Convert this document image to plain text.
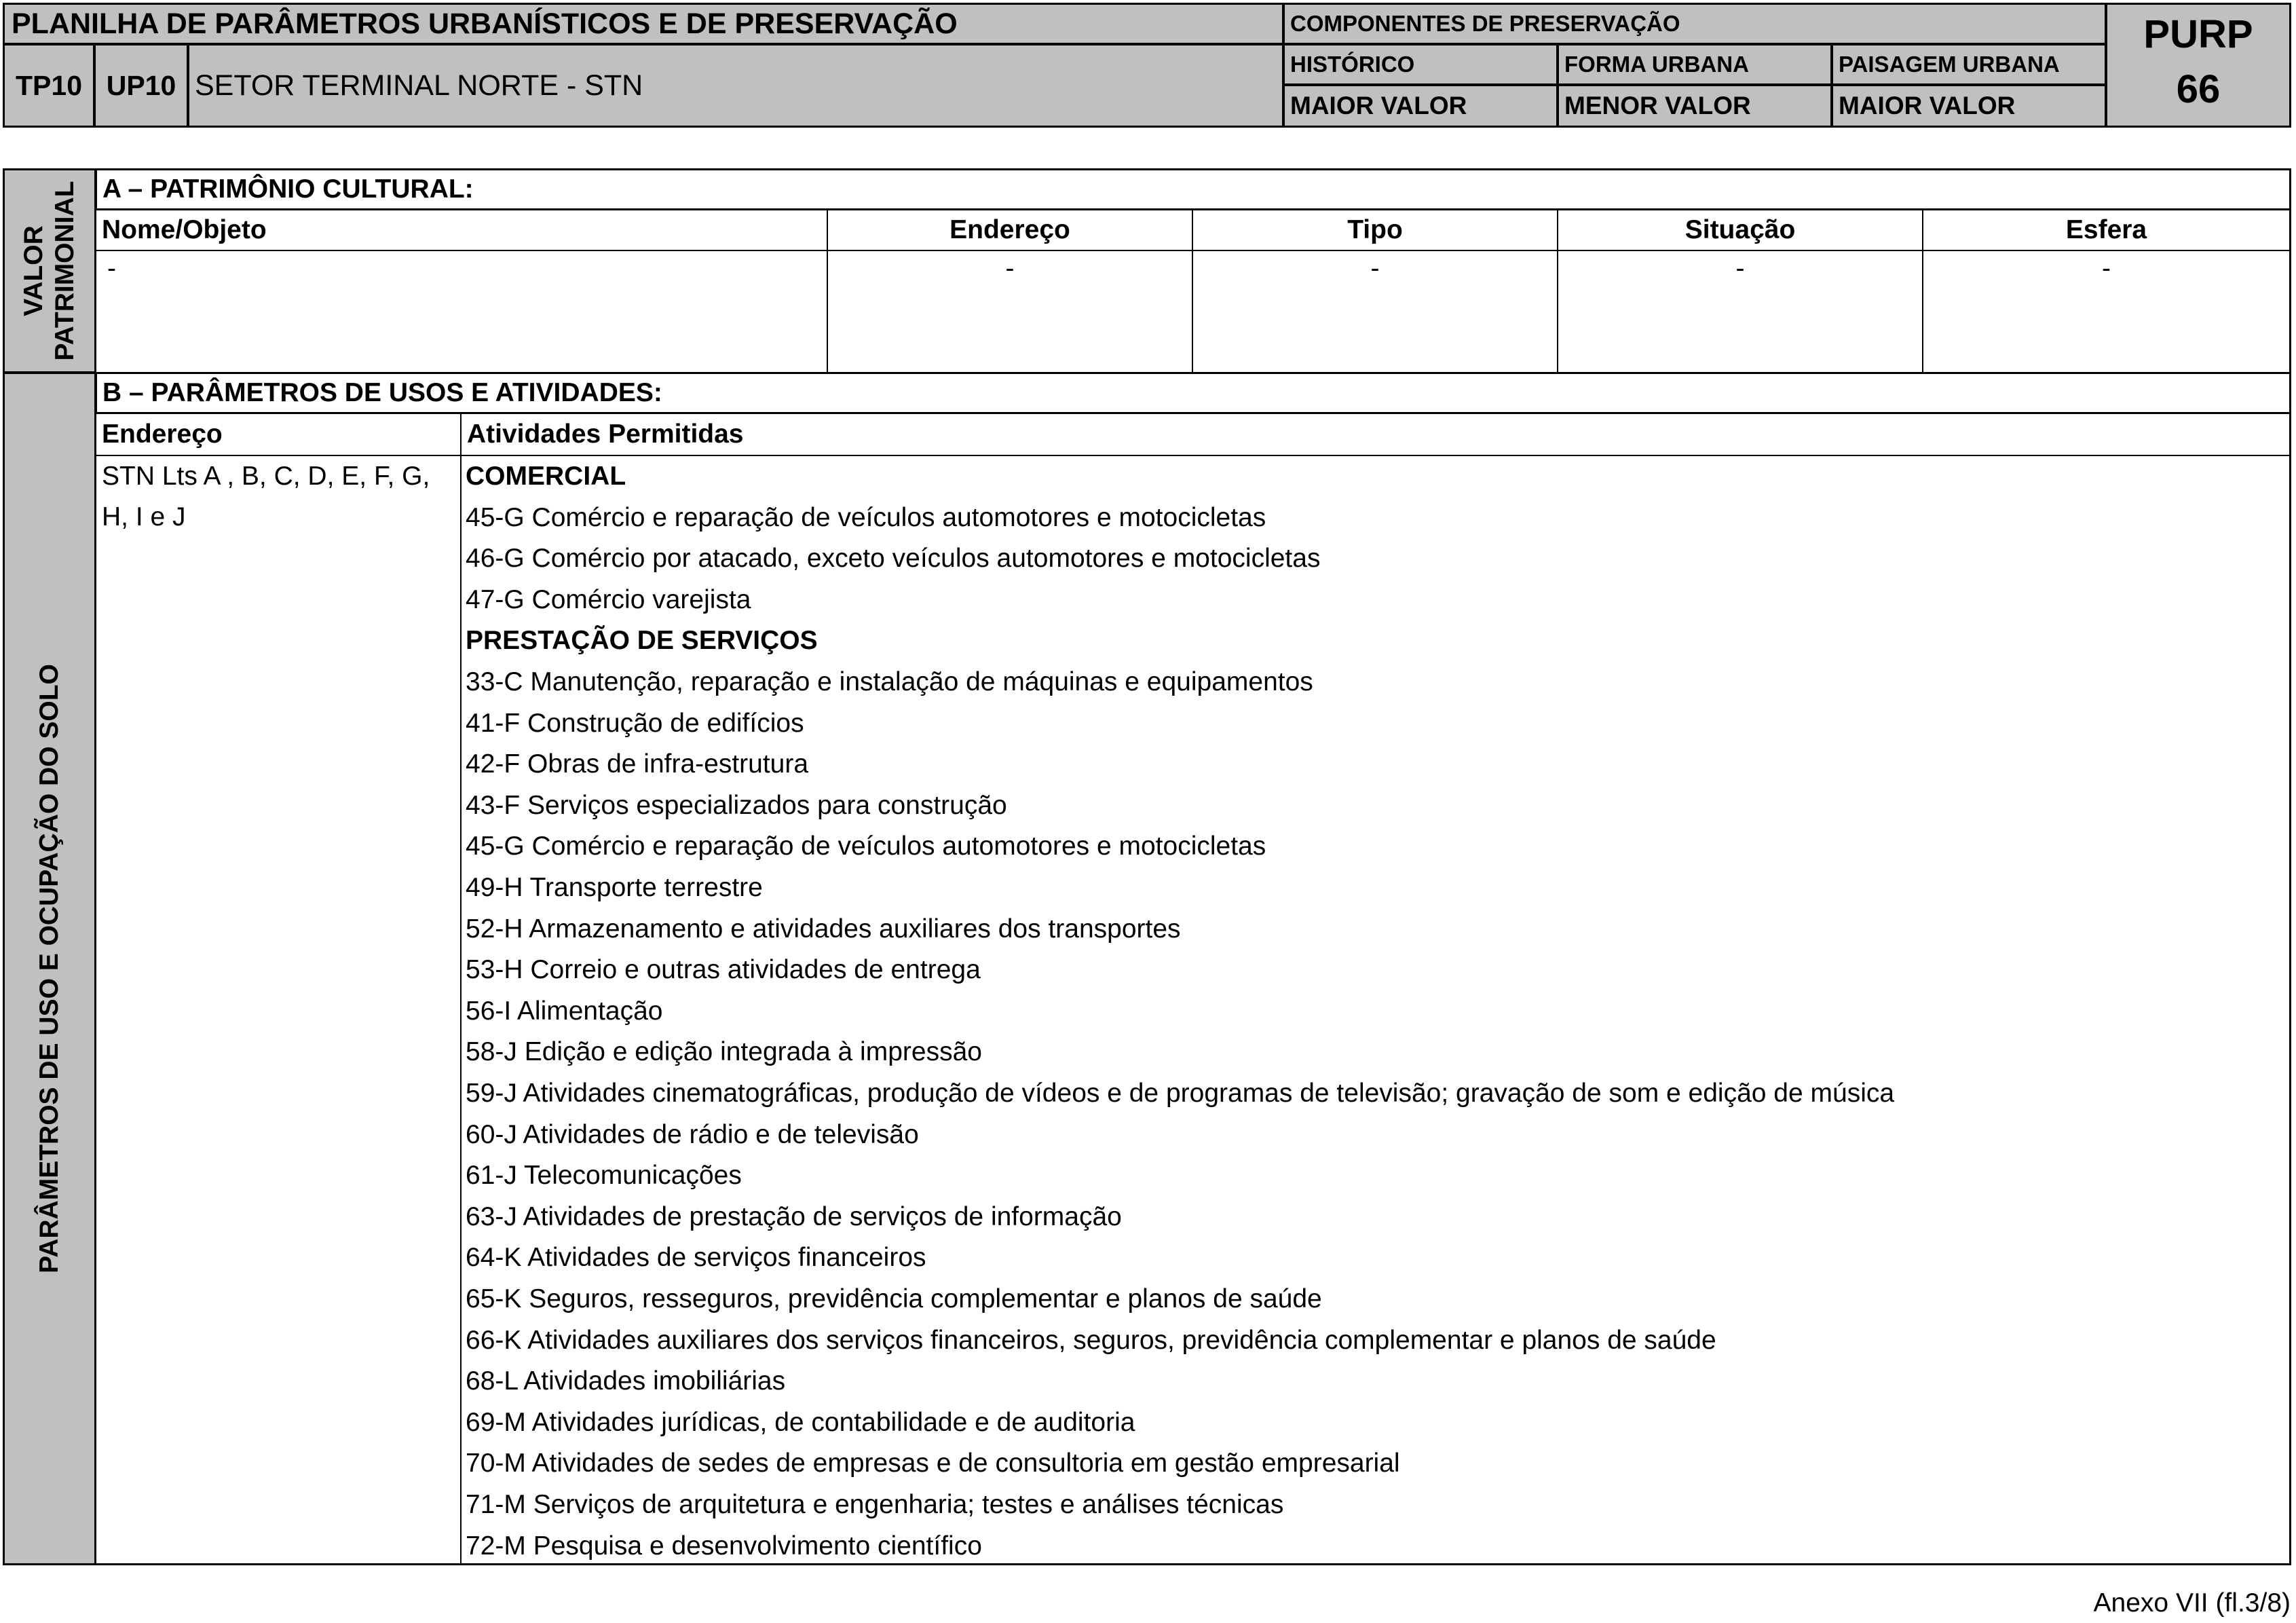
PLANILHA DE PARÂMETROS URBANÍSTICOS E DE PRESERVAÇÃO
TP10 UP10 SETOR TERMINAL NORTE - STN
COMPONENTES DE PRESERVAÇÃO
HISTÓRICO	FORMA URBANA	PAISAGEM URBANA
MAIOR VALOR	MENOR VALOR	MAIOR VALOR
PURP
66
VALOR PATRIMONIAL A – PATRIMÔNIO CULTURAL:
Nome/Objeto	Endereço	Tipo	Situação	Esfera
-	-	-	-	-
PARÂMETROS DE USO E OCUPAÇÃO DO SOLO
B – PARÂMETROS DE USOS E ATIVIDADES:
Endereço	Atividades Permitidas
STN Lts A , B, C, D, E, F, G,
H, I e J
COMERCIAL
45-G Comércio e reparação de veículos automotores e motocicletas
46-G Comércio por atacado, exceto veículos automotores e motocicletas
47-G Comércio varejista
PRESTAÇÃO DE SERVIÇOS
33-C Manutenção, reparação e instalação de máquinas e equipamentos
41-F Construção de edifícios
42-F Obras de infra-estrutura
43-F Serviços especializados para construção
45-G Comércio e reparação de veículos automotores e motocicletas
49-H Transporte terrestre
52-H Armazenamento e atividades auxiliares dos transportes
53-H Correio e outras atividades de entrega
56-I Alimentação
58-J Edição e edição integrada à impressão
59-J Atividades cinematográficas, produção de vídeos e de programas de televisão; gravação de som e edição de música
60-J Atividades de rádio e de televisão
61-J Telecomunicações
63-J Atividades de prestação de serviços de informação
64-K Atividades de serviços financeiros
65-K Seguros, resseguros, previdência complementar e planos de saúde
66-K Atividades auxiliares dos serviços financeiros, seguros, previdência complementar e planos de saúde
68-L Atividades imobiliárias
69-M Atividades jurídicas, de contabilidade e de auditoria
70-M Atividades de sedes de empresas e de consultoria em gestão empresarial
71-M Serviços de arquitetura e engenharia; testes e análises técnicas
72-M Pesquisa e desenvolvimento científico
Anexo VII (fl.3/8)
